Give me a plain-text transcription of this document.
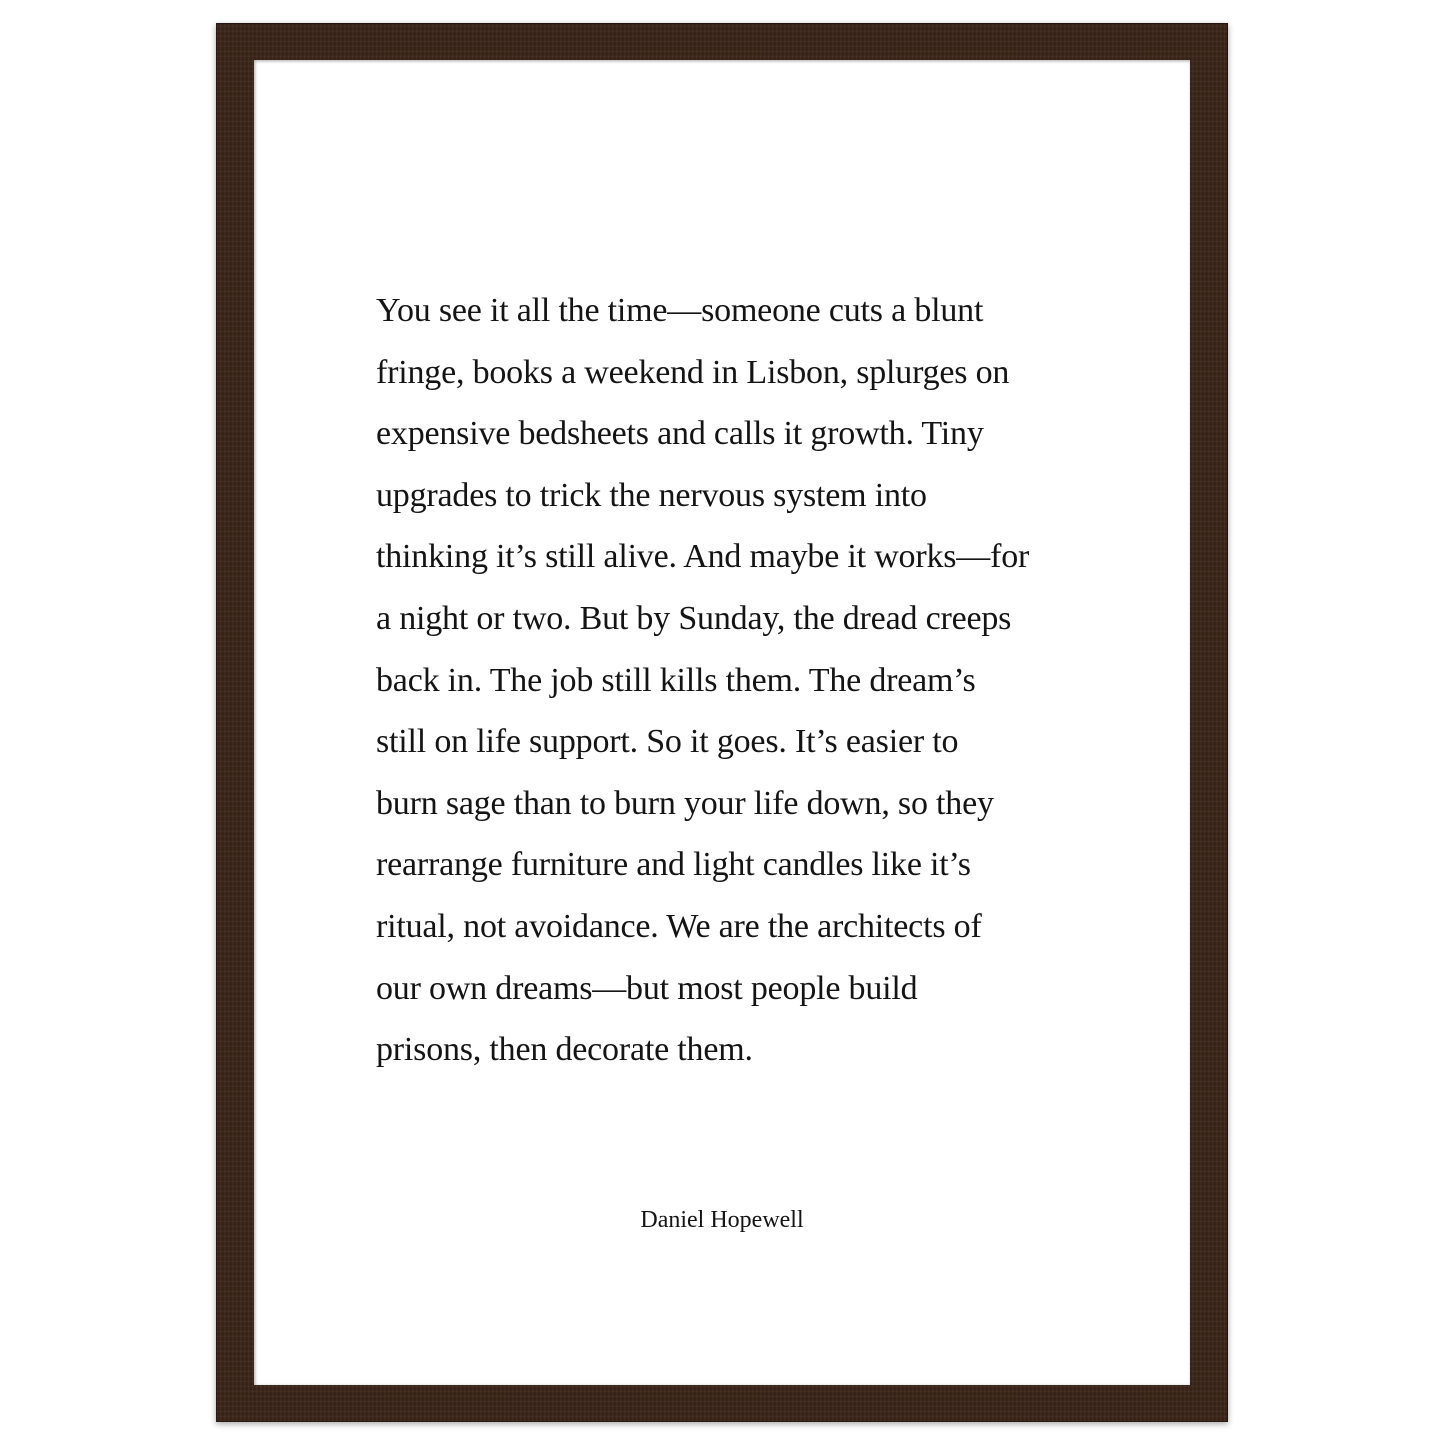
You see it all the time—someone cuts a blunt
fringe, books a weekend in Lisbon, splurges on
expensive bedsheets and calls it growth. Tiny
upgrades to trick the nervous system into
thinking it’s still alive. And maybe it works—for
a night or two. But by Sunday, the dread creeps
back in. The job still kills them. The dream’s
still on life support. So it goes. It’s easier to
burn sage than to burn your life down, so they
rearrange furniture and light candles like it’s
ritual, not avoidance. We are the architects of
our own dreams—but most people build
prisons, then decorate them.

Daniel Hopewell
